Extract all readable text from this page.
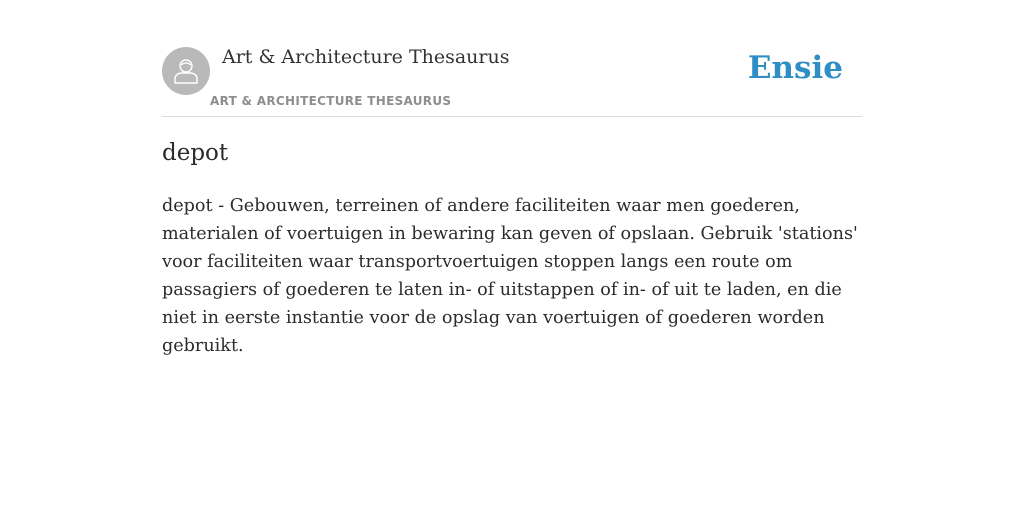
Art & Architecture Thesaurus
ART & ARCHITECTURE THESAURUS
Ensie
depot

depot - Gebouwen, terreinen of andere faciliteiten waar men goederen, materialen of voertuigen in bewaring kan geven of opslaan. Gebruik 'stations' voor faciliteiten waar transportvoertuigen stoppen langs een route om passagiers of goederen te laten in- of uitstappen of in- of uit te laden, en die niet in eerste instantie voor de opslag van voertuigen of goederen worden gebruikt.
